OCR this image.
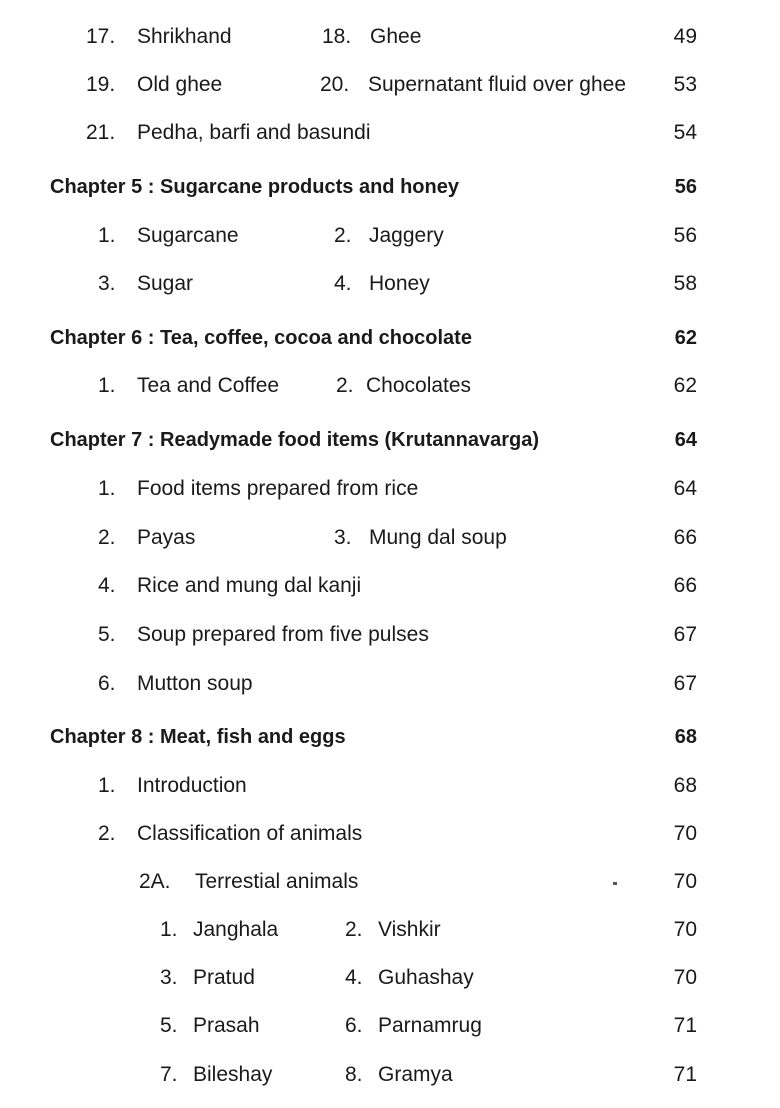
17. Shrikhand	18. Ghee	49
19. Old ghee	20. Supernatant fluid over ghee 53
21. Pedha, barfi and basundi	54
Chapter 5 : Sugarcane products and honey	56
1. Sugarcane	2. Jaggery	56
3. Sugar	4. Honey	58
Chapter 6 : Tea, coffee, cocoa and chocolate	62
1. Tea and Coffee	2. Chocolates	62
Chapter 7 : Readymade food items (Krutannavarga)	64
1. Food items prepared from rice	64
2. Payas	3. Mung dal soup	66
4. Rice and mung dal kanji	66
5. Soup prepared from five pulses	67
6. Mutton soup	67
Chapter 8 : Meat, fish and eggs	68
1. Introduction	68
2. Classification of animals	70
2A. Terrestial animals	70
1. Janghala	2. Vishkir	70
3. Pratud	4. Guhashay	70
5. Prasah	6. Parnamrug	71
7. Bileshay	8. Gramya	71
